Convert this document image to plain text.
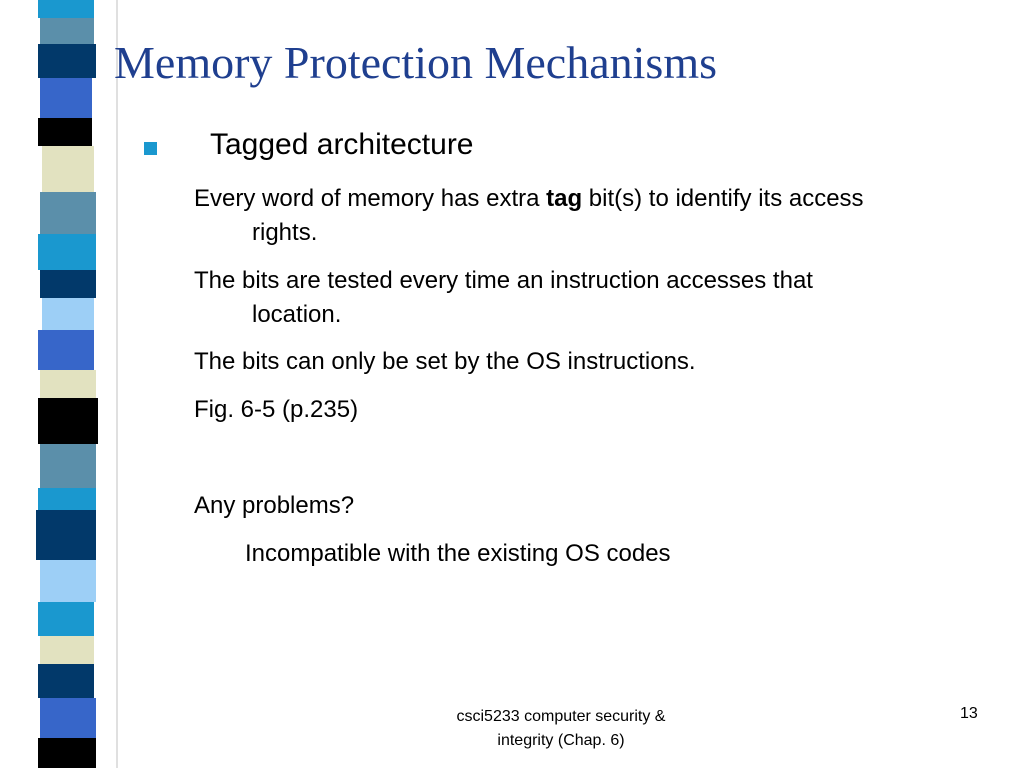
Memory Protection Mechanisms
Tagged architecture
Every word of memory has extra tag bit(s) to identify its access
rights.
The bits are tested every time an instruction accesses that
location.
The bits can only be set by the OS instructions.
Fig. 6-5 (p.235)
Any problems?
Incompatible with the existing OS codes
csci5233 computer security &
integrity (Chap. 6)
13
